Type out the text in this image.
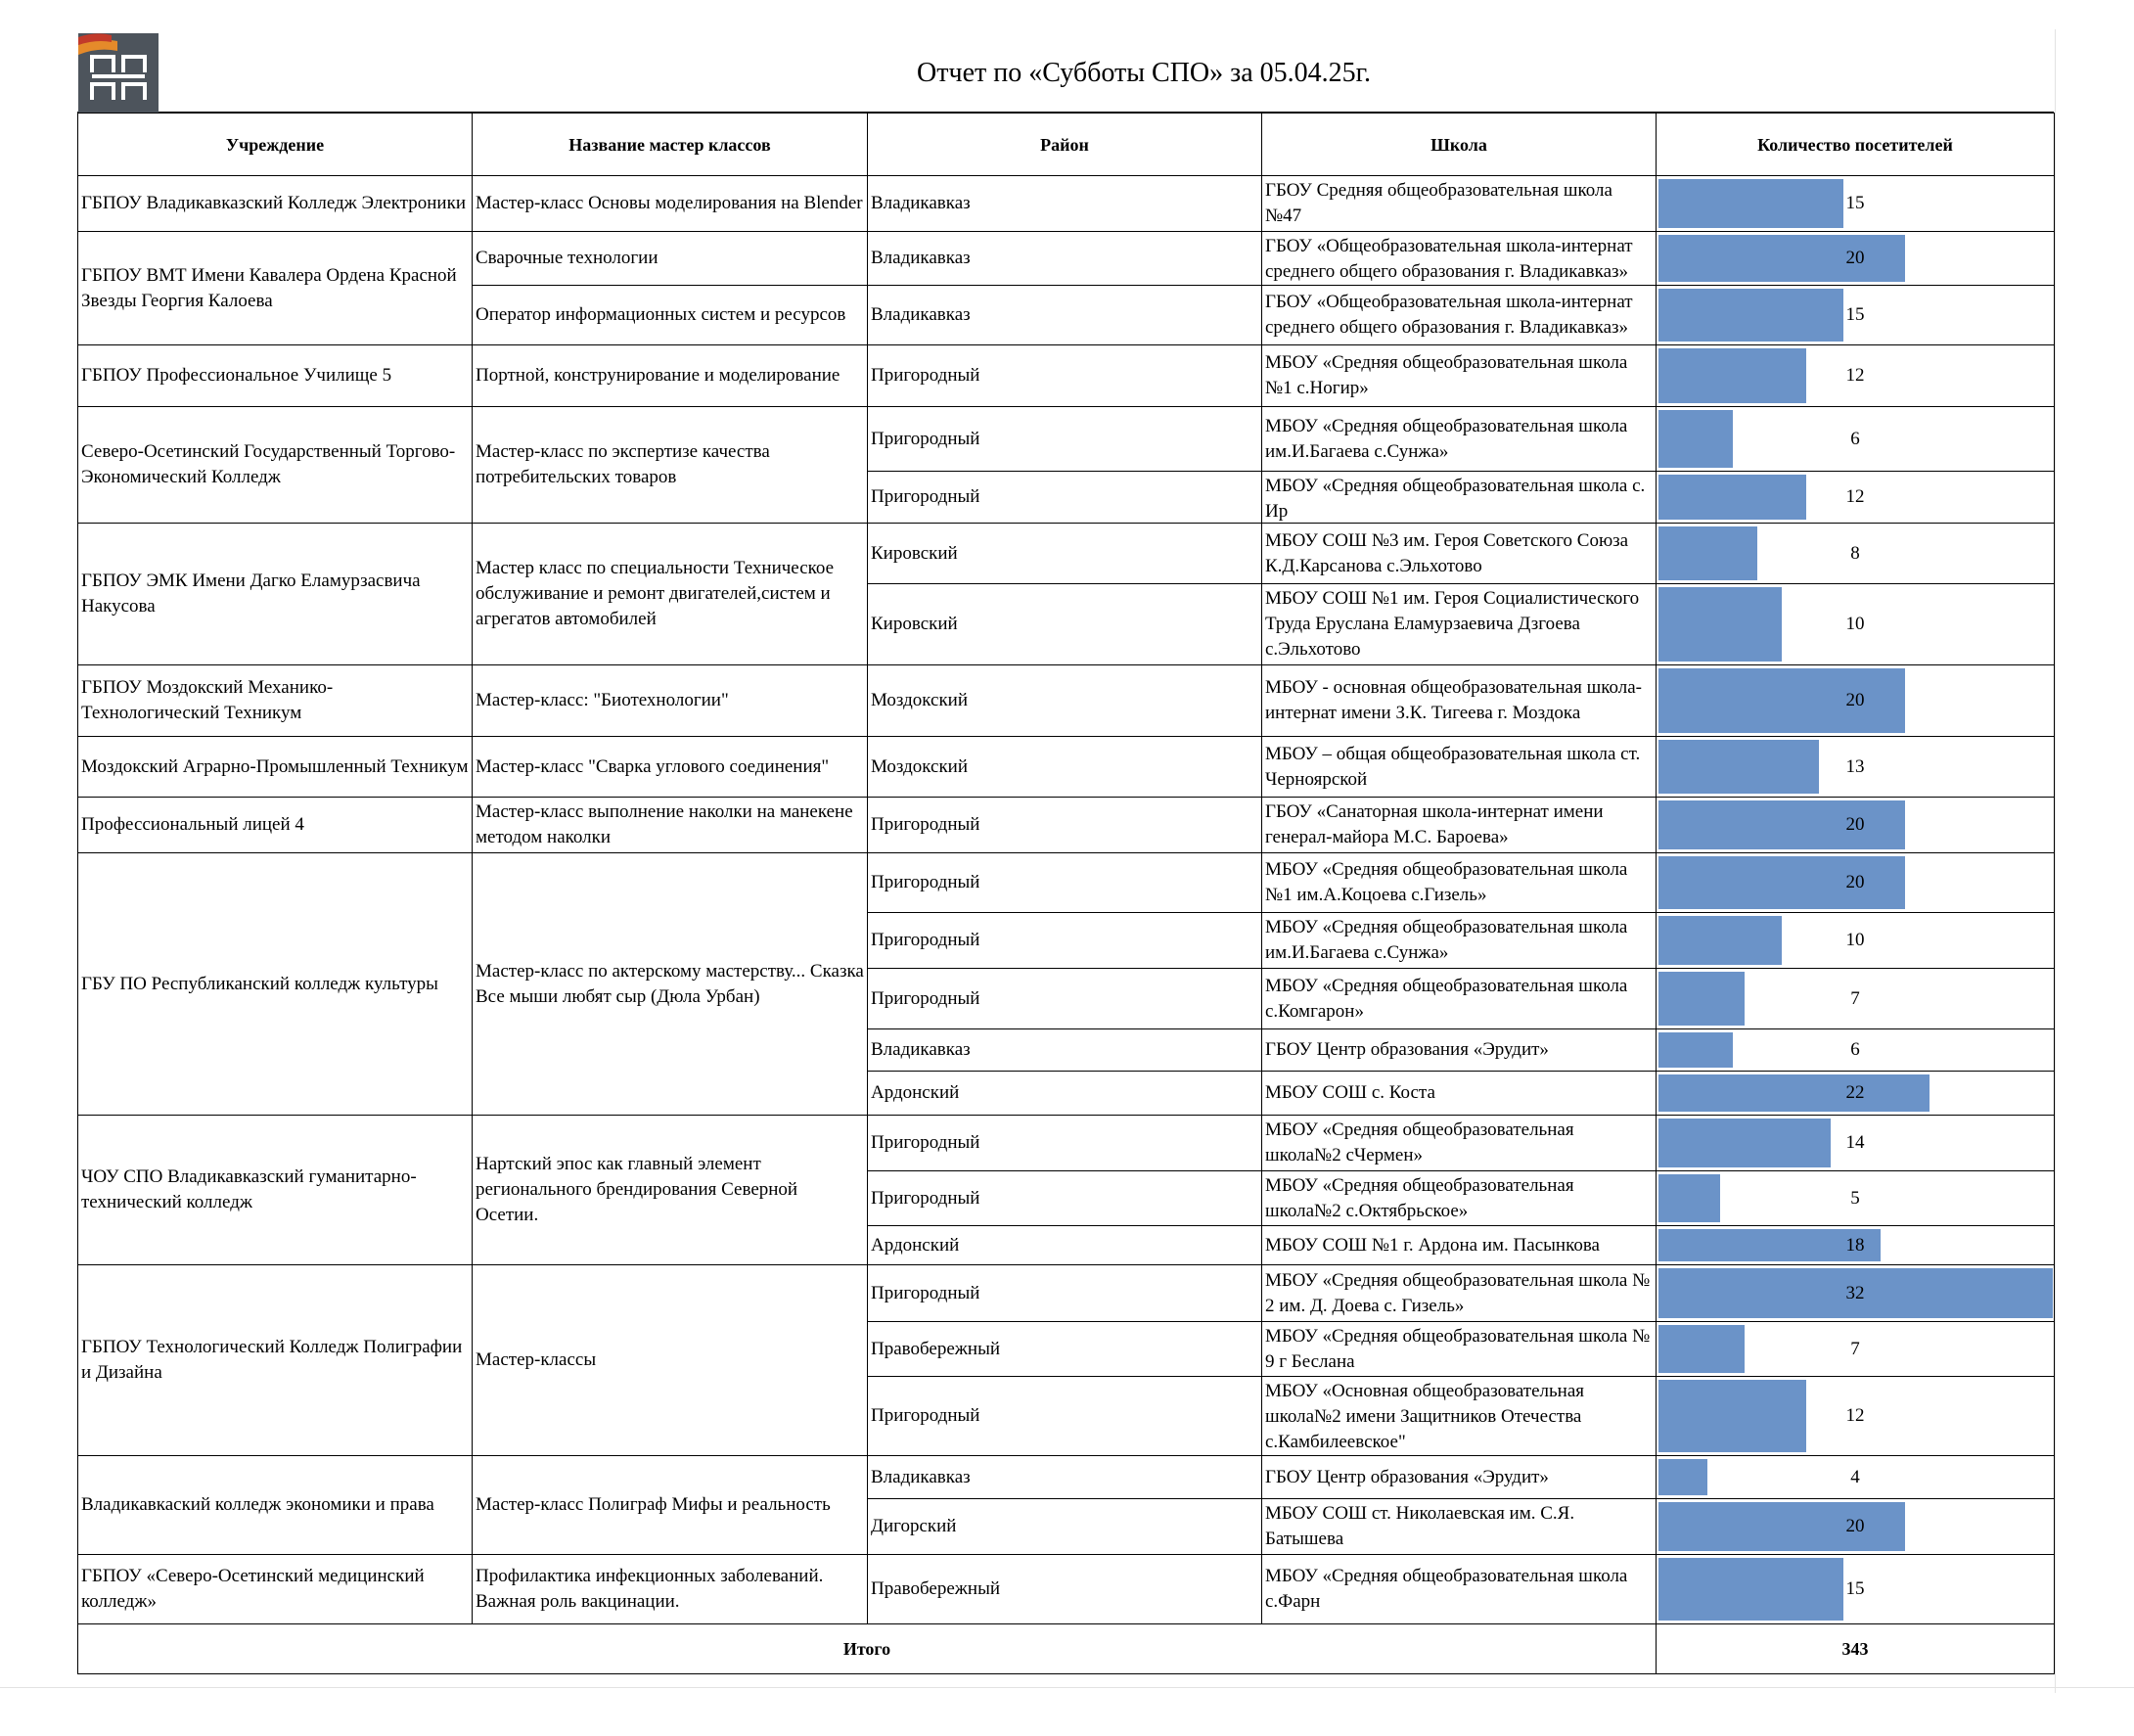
Отчет по «Субботы СПО» за 05.04.25г.
Учреждение	Название мастер классов	Район	Школа	Количество посетителей
ГБПОУ Владикавказский Колледж Электроники	Мастер-класс Основы моделирования на Blender	Владикавказ	ГБОУ Средняя общеобразовательная школа №47	15
ГБПОУ ВМТ Имени Кавалера Ордена Красной Звезды Георгия Калоева	Сварочные технологии	Владикавказ	ГБОУ «Общеобразовательная школа-интернат среднего общего образования г. Владикавказ»	20
	Оператор информационных систем и ресурсов	Владикавказ	ГБОУ «Общеобразовательная школа-интернат среднего общего образования г. Владикавказ»	15
ГБПОУ Профессиональное Училище 5	Портной, конструнирование и моделирование	Пригородный	МБОУ «Средняя общеобразовательная школа №1 с.Ногир»	12
Северо-Осетинский Государственный Торгово-Экономический Колледж	Мастер-класс по экспертизе качества потребительских товаров	Пригородный	МБОУ «Средняя общеобразовательная школа им.И.Багаева с.Сунжа»	6
		Пригородный	МБОУ «Средняя общеобразовательная школа с. Ир	12
ГБПОУ ЭМК Имени Дагко Еламурзасвича Накусова	Мастер класс по специальности Техническое обслуживание и ремонт двигателей,систем и агрегатов автомобилей	Кировский	МБОУ СОШ №3 им. Героя Советского Союза К.Д.Карсанова с.Эльхотово	8
		Кировский	МБОУ СОШ №1 им. Героя Социалистического Труда Еруслана Еламурзаевича Дзгоева с.Эльхотово	10
ГБПОУ Моздокский Механико-Технологический Техникум	Мастер-класс: "Биотехнологии"	Моздокский	МБОУ - основная общеобразовательная школа-интернат имени З.К. Тигеева г. Моздока	20
Моздокский Аграрно-Промышленный Техникум	Мастер-класс "Сварка углового соединения"	Моздокский	МБОУ – общая общеобразовательная школа ст. Черноярской	13
Профессиональный лицей 4	Мастер-класс выполнение наколки на манекене методом наколки	Пригородный	ГБОУ «Санаторная школа-интернат имени генерал-майора М.С. Бароева»	20
ГБУ ПО Республиканский колледж культуры	Мастер-класс по актерскому мастерству... Сказка Все мыши любят сыр (Дюла Урбан)	Пригородный	МБОУ «Средняя общеобразовательная школа №1 им.А.Коцоева с.Гизель»	20
		Пригородный	МБОУ «Средняя общеобразовательная школа им.И.Багаева с.Сунжа»	10
		Пригородный	МБОУ «Средняя общеобразовательная школа с.Комгарон»	7
		Владикавказ	ГБОУ Центр образования «Эрудит»	6
		Ардонский	МБОУ СОШ с. Коста	22
ЧОУ СПО Владикавказский гуманитарно-технический колледж	Нартский эпос как главный элемент регионального брендирования Северной Осетии.	Пригородный	МБОУ «Средняя общеобразовательная школа№2 сЧермен»	14
		Пригородный	МБОУ «Средняя общеобразовательная школа№2 с.Октябрьское»	5
		Ардонский	МБОУ СОШ №1 г. Ардона им. Пасынкова	18
ГБПОУ Технологический Колледж Полиграфии и Дизайна	Мастер-классы	Пригородный	МБОУ «Средняя общеобразовательная школа № 2 им. Д. Доева с. Гизель»	32
		Правобережный	МБОУ «Средняя общеобразовательная школа № 9 г Беслана	7
		Пригородный	МБОУ «Основная общеобразовательная школа№2 имени Защитников Отечества с.Камбилеевское"	12
Владикавкаский колледж экономики и права	Мастер-класс Полиграф Мифы и реальность	Владикавказ	ГБОУ Центр образования «Эрудит»	4
		Дигорский	МБОУ СОШ ст. Николаевская им. С.Я. Батышева	20
ГБПОУ «Северо-Осетинский медицинский колледж»	Профилактика инфекционных заболеваний. Важная роль вакцинации.	Правобережный	МБОУ «Средняя общеобразовательная школа с.Фарн	15
Итого				343
